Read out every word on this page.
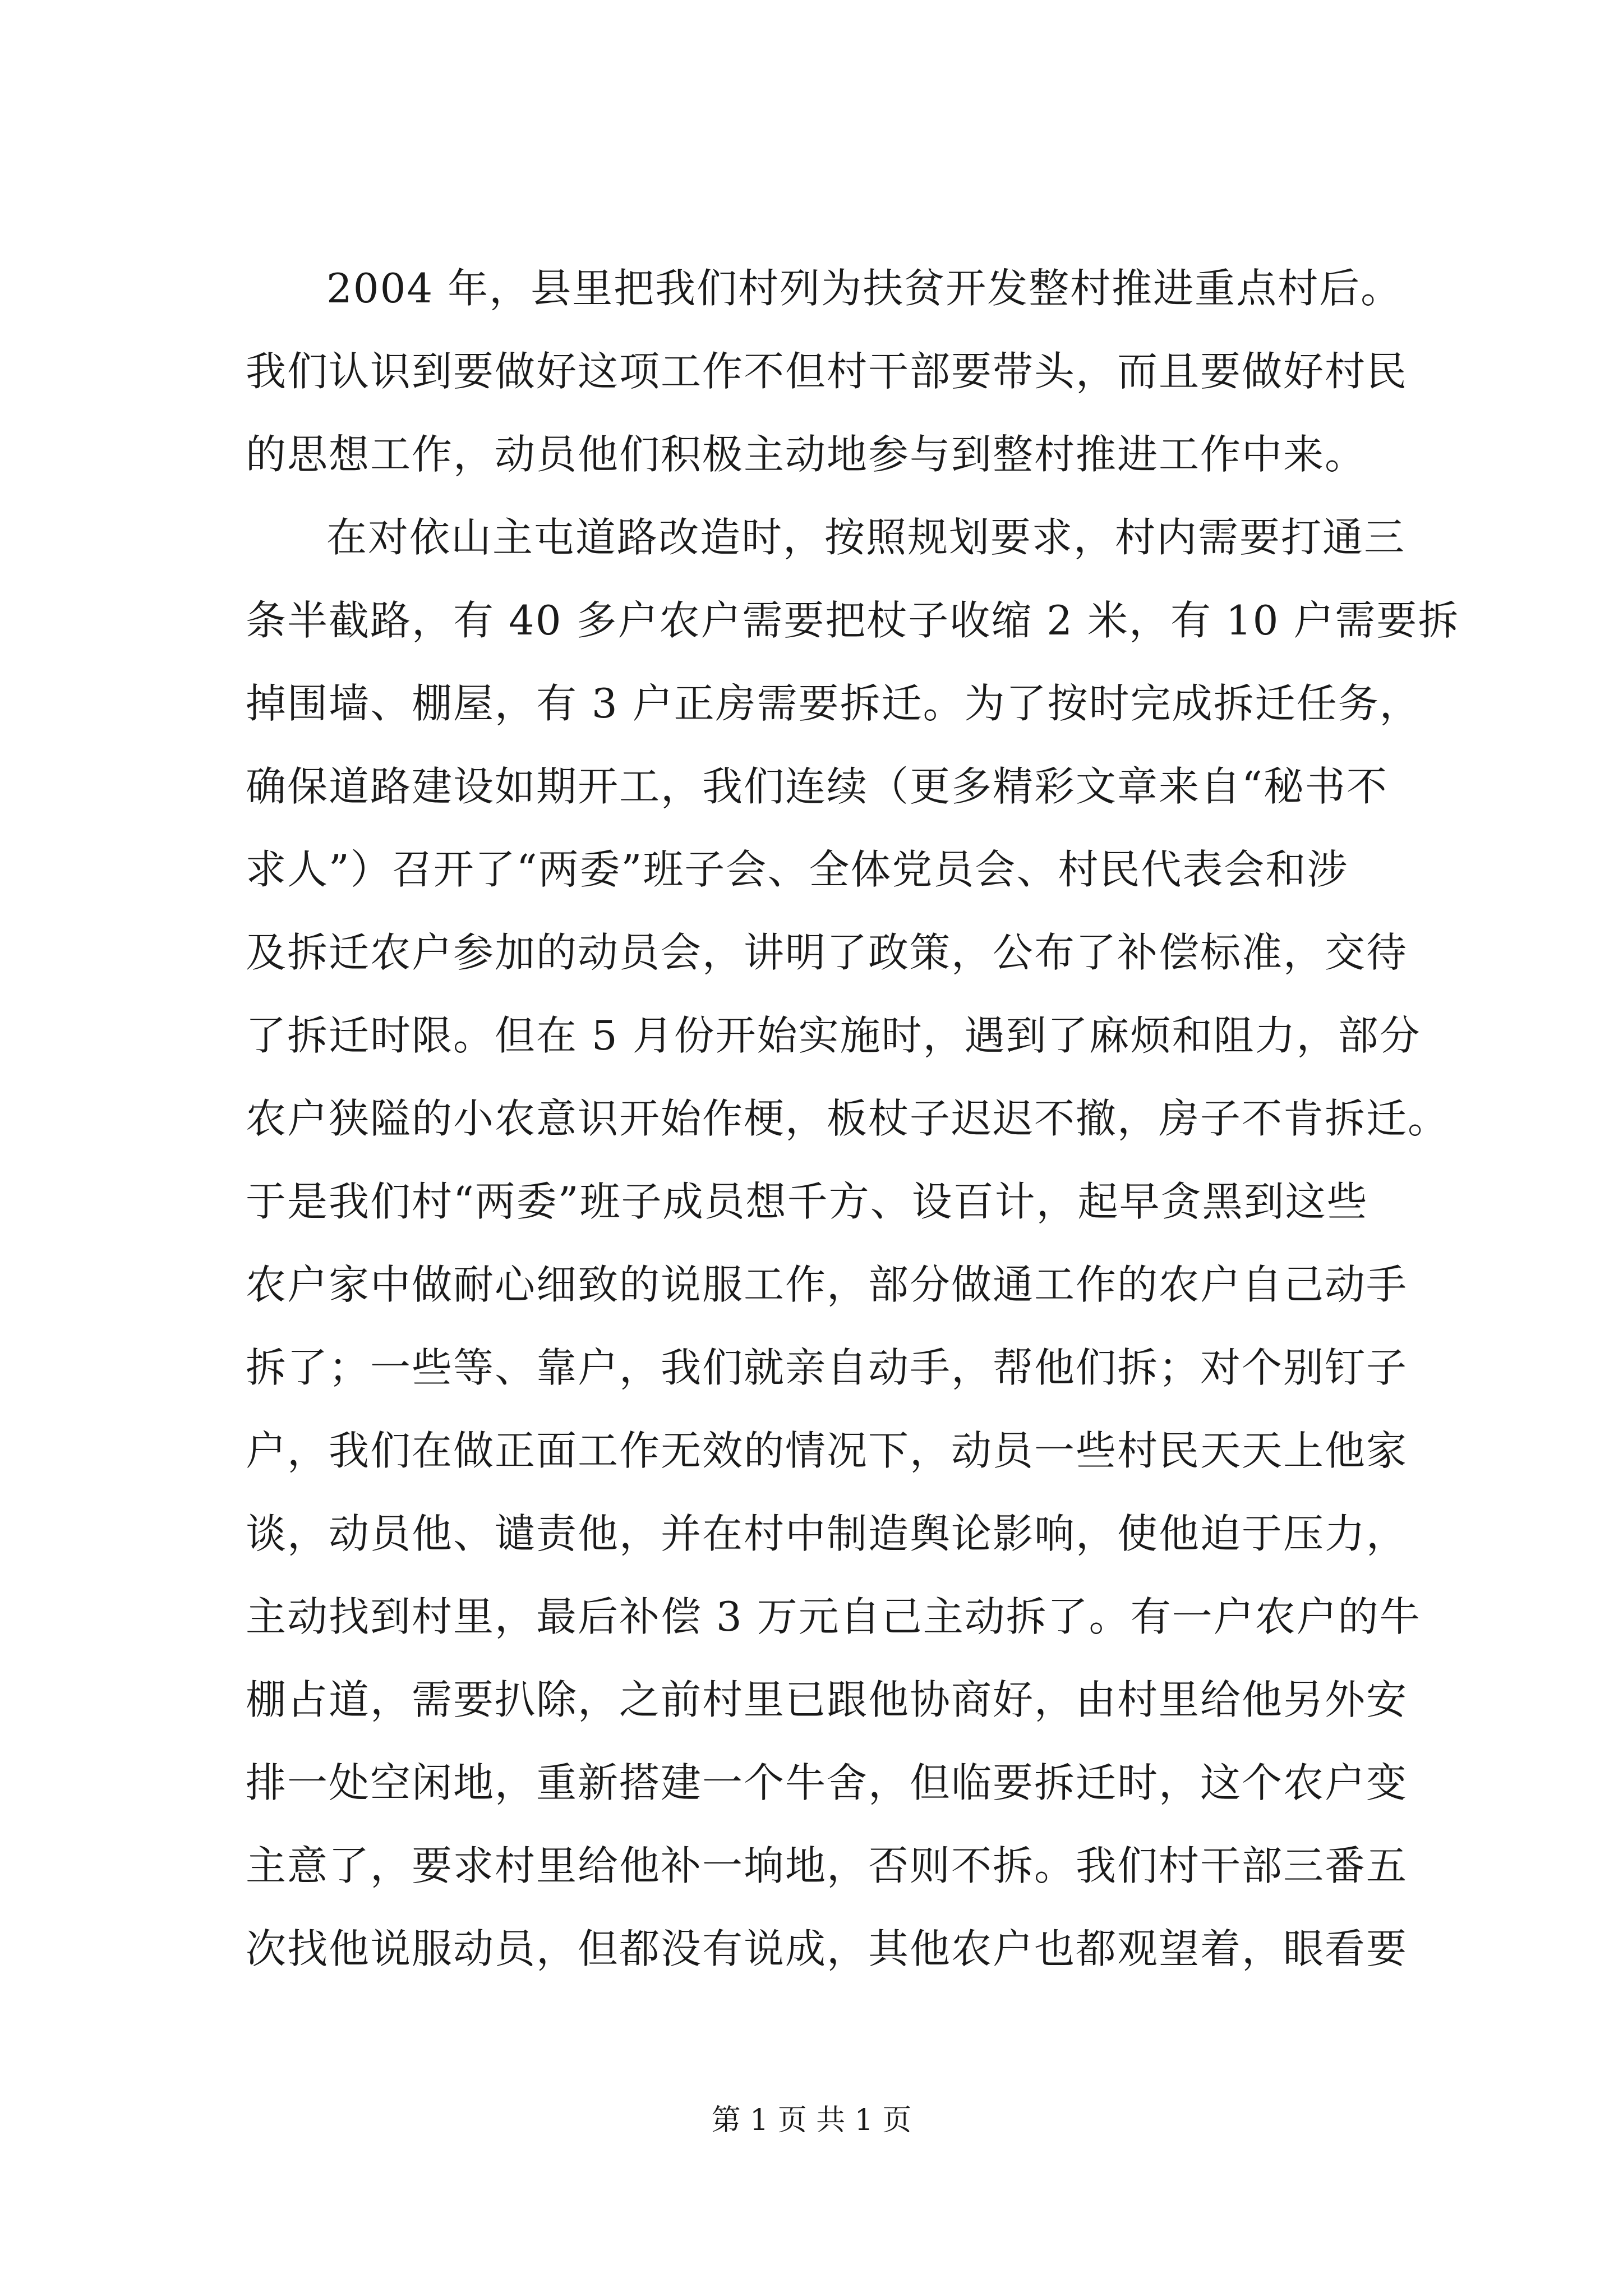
2004 年，县里把我们村列为扶贫开发整村推进重点村后。
我们认识到要做好这项工作不但村干部要带头，而且要做好村民
的思想工作，动员他们积极主动地参与到整村推进工作中来。

在对依山主屯道路改造时，按照规划要求，村内需要打通三
条半截路，有 40 多户农户需要把杖子收缩 2 米，有 10 户需要拆
掉围墙、棚屋，有 3 户正房需要拆迁。为了按时完成拆迁任务，
确保道路建设如期开工，我们连续（更多精彩文章来自“秘书不
求人”）召开了“两委”班子会、全体党员会、村民代表会和涉
及拆迁农户参加的动员会，讲明了政策，公布了补偿标准，交待
了拆迁时限。但在 5 月份开始实施时，遇到了麻烦和阻力，部分
农户狭隘的小农意识开始作梗，板杖子迟迟不撤，房子不肯拆迁。
于是我们村“两委”班子成员想千方、设百计，起早贪黑到这些
农户家中做耐心细致的说服工作，部分做通工作的农户自己动手
拆了；一些等、靠户，我们就亲自动手，帮他们拆；对个别钉子
户，我们在做正面工作无效的情况下，动员一些村民天天上他家
谈，动员他、谴责他，并在村中制造舆论影响，使他迫于压力，
主动找到村里，最后补偿 3 万元自己主动拆了。有一户农户的牛
棚占道，需要扒除，之前村里已跟他协商好，由村里给他另外安
排一处空闲地，重新搭建一个牛舍，但临要拆迁时，这个农户变
主意了，要求村里给他补一垧地，否则不拆。我们村干部三番五
次找他说服动员，但都没有说成，其他农户也都观望着，眼看要

第 1 页 共 1 页
